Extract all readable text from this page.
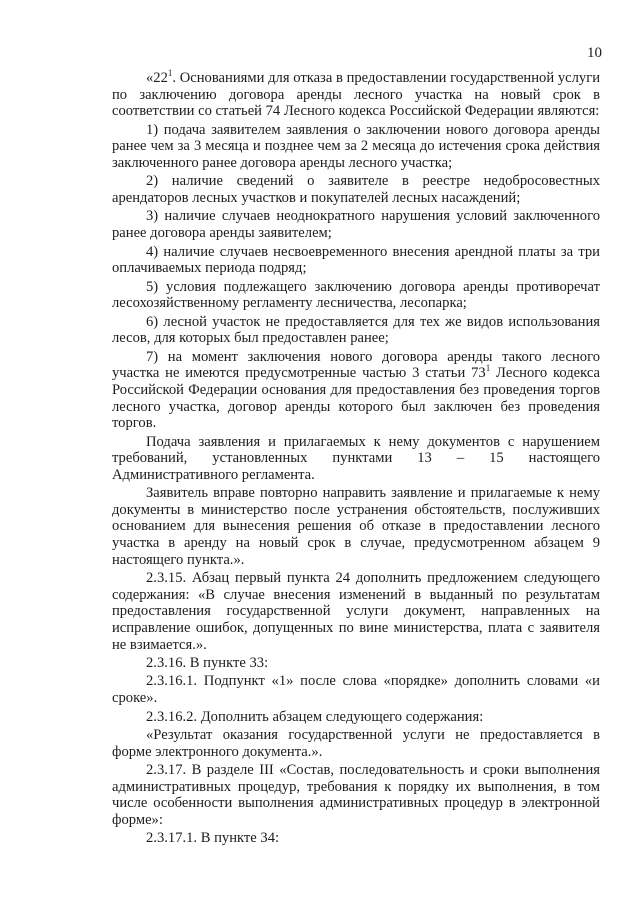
10

«$22^1$. Основаниями для отказа в предоставлении государственной услуги по заключению договора аренды лесного участка на новый срок в соответствии со статьей 74 Лесного кодекса Российской Федерации являются:

1) подача заявителем заявления о заключении нового договора аренды ранее чем за 3 месяца и позднее чем за 2 месяца до истечения срока действия заключенного ранее договора аренды лесного участка;

2) наличие сведений о заявителе в реестре недобросовестных арендаторов лесных участков и покупателей лесных насаждений;

3) наличие случаев неоднократного нарушения условий заключенного ранее договора аренды заявителем;

4) наличие случаев несвоевременного внесения арендной платы за три оплачиваемых периода подряд;

5) условия подлежащего заключению договора аренды противоречат лесохозяйственному регламенту лесничества, лесопарка;

6) лесной участок не предоставляется для тех же видов использования лесов, для которых был предоставлен ранее;

7) на момент заключения нового договора аренды такого лесного участка не имеются предусмотренные частью 3 статьи $73^1$ Лесного кодекса Российской Федерации основания для предоставления без проведения торгов лесного участка, договор аренды которого был заключен без проведения торгов.

Подача заявления и прилагаемых к нему документов с нарушением требований, установленных пунктами 13 – 15 настоящего Административного регламента.

Заявитель вправе повторно направить заявление и прилагаемые к нему документы в министерство после устранения обстоятельств, послуживших основанием для вынесения решения об отказе в предоставлении лесного участка в аренду на новый срок в случае, предусмотренном абзацем 9 настоящего пункта.».

2.3.15. Абзац первый пункта 24 дополнить предложением следующего содержания: «В случае внесения изменений в выданный по результатам предоставления государственной услуги документ, направленных на исправление ошибок, допущенных по вине министерства, плата с заявителя не взимается.».

2.3.16. В пункте 33:

2.3.16.1. Подпункт «1» после слова «порядке» дополнить словами «и сроке».

2.3.16.2. Дополнить абзацем следующего содержания:

«Результат оказания государственной услуги не предоставляется в форме электронного документа.».

2.3.17. В разделе III «Состав, последовательность и сроки выполнения административных процедур, требования к порядку их выполнения, в том числе особенности выполнения административных процедур в электронной форме»:

2.3.17.1. В пункте 34:
